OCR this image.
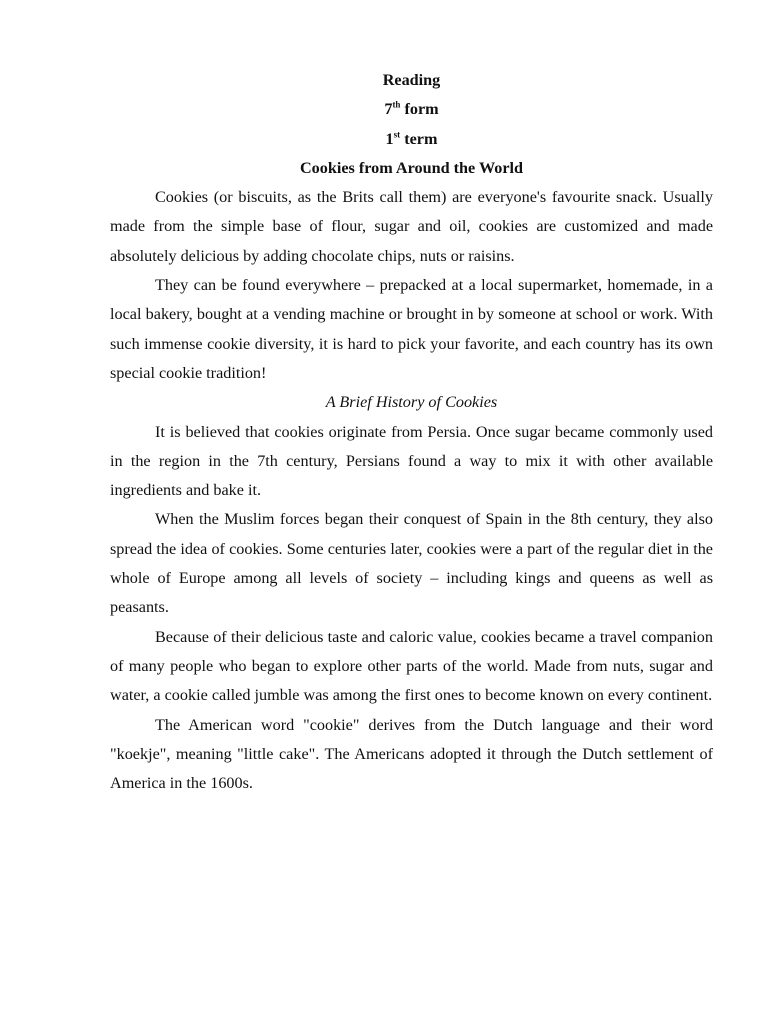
Reading
7th form
1st term
Cookies from Around the World

Cookies (or biscuits, as the Brits call them) are everyone's favourite snack. Usually made from the simple base of flour, sugar and oil, cookies are customized and made absolutely delicious by adding chocolate chips, nuts or raisins.

They can be found everywhere – prepacked at a local supermarket, homemade, in a local bakery, bought at a vending machine or brought in by someone at school or work. With such immense cookie diversity, it is hard to pick your favorite, and each country has its own special cookie tradition!

A Brief History of Cookies

It is believed that cookies originate from Persia. Once sugar became commonly used in the region in the 7th century, Persians found a way to mix it with other available ingredients and bake it.

When the Muslim forces began their conquest of Spain in the 8th century, they also spread the idea of cookies. Some centuries later, cookies were a part of the regular diet in the whole of Europe among all levels of society – including kings and queens as well as peasants.

Because of their delicious taste and caloric value, cookies became a travel companion of many people who began to explore other parts of the world. Made from nuts, sugar and water, a cookie called jumble was among the first ones to become known on every continent.

The American word "cookie" derives from the Dutch language and their word "koekje", meaning "little cake". The Americans adopted it through the Dutch settlement of America in the 1600s.
